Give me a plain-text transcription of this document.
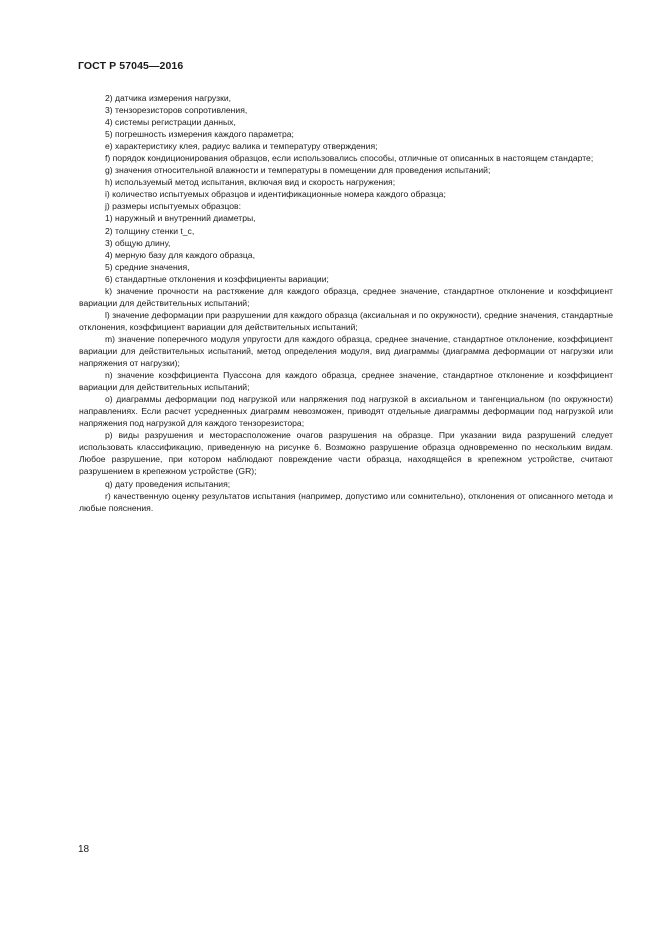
ГОСТ Р 57045—2016

2) датчика измерения нагрузки,

3) тензорезисторов сопротивления,

4) системы регистрации данных,

5) погрешность измерения каждого параметра;

е) характеристику клея, радиус валика и температуру отверждения;

f) порядок кондиционирования образцов, если использовались способы, отличные от описанных в настоящем стандарте;

g) значения относительной влажности и температуры в помещении для проведения испытаний;

h) используемый метод испытания, включая вид и скорость нагружения;

i) количество испытуемых образцов и идентификационные номера каждого образца;

j) размеры испытуемых образцов:

1) наружный и внутренний диаметры,

2) толщину стенки t_c,

3) общую длину,

4) мерную базу для каждого образца,

5) средние значения,

6) стандартные отклонения и коэффициенты вариации;

k) значение прочности на растяжение для каждого образца, среднее значение, стандартное отклонение и коэффициент вариации для действительных испытаний;

l) значение деформации при разрушении для каждого образца (аксиальная и по окружности), средние значения, стандартные отклонения, коэффициент вариации для действительных испытаний;

m) значение поперечного модуля упругости для каждого образца, среднее значение, стандартное отклонение, коэффициент вариации для действительных испытаний, метод определения модуля, вид диаграммы (диаграмма деформации от нагрузки или напряжения от нагрузки);

n) значение коэффициента Пуассона для каждого образца, среднее значение, стандартное отклонение и коэффициент вариации для действительных испытаний;

о) диаграммы деформации под нагрузкой или напряжения под нагрузкой в аксиальном и тангенциальном (по окружности) направлениях. Если расчет усредненных диаграмм невозможен, приводят отдельные диаграммы деформации под нагрузкой или напряжения под нагрузкой для каждого тензорезистора;

р) виды разрушения и месторасположение очагов разрушения на образце. При указании вида разрушений следует использовать классификацию, приведенную на рисунке 6. Возможно разрушение образца одновременно по нескольким видам. Любое разрушение, при котором наблюдают повреждение части образца, находящейся в крепежном устройстве, считают разрушением в крепежном устройстве (GR);

q) дату проведения испытания;

r) качественную оценку результатов испытания (например, допустимо или сомнительно), отклонения от описанного метода и любые пояснения.

18
